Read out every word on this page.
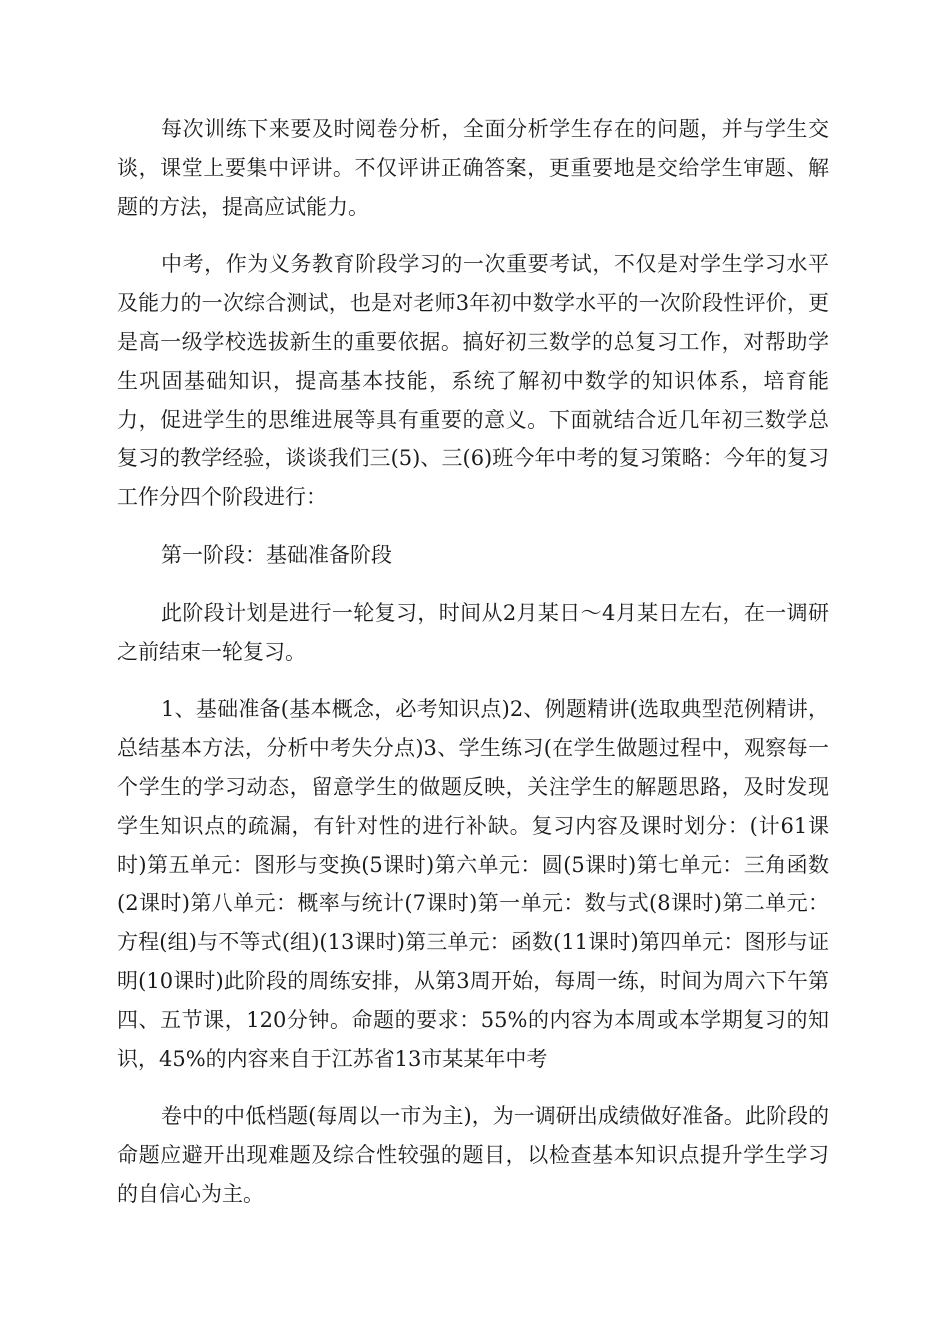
每次训练下来要及时阅卷分析，全面分析学生存在的问题，并与学生交谈，课堂上要集中评讲。不仅评讲正确答案，更重要地是交给学生审题、解题的方法，提高应试能力。

中考，作为义务教育阶段学习的一次重要考试，不仅是对学生学习水平及能力的一次综合测试，也是对老师3年初中数学水平的一次阶段性评价，更是高一级学校选拔新生的重要依据。搞好初三数学的总复习工作，对帮助学生巩固基础知识，提高基本技能，系统了解初中数学的知识体系，培育能力，促进学生的思维进展等具有重要的意义。下面就结合近几年初三数学总复习的教学经验，谈谈我们三(5)、三(6)班今年中考的复习策略：今年的复习工作分四个阶段进行：

第一阶段：基础准备阶段

此阶段计划是进行一轮复习，时间从2月某日～4月某日左右，在一调研之前结束一轮复习。

1、基础准备(基本概念，必考知识点)2、例题精讲(选取典型范例精讲，总结基本方法，分析中考失分点)3、学生练习(在学生做题过程中，观察每一个学生的学习动态，留意学生的做题反映，关注学生的解题思路，及时发现学生知识点的疏漏，有针对性的进行补缺。复习内容及课时划分：(计61课时)第五单元：图形与变换(5课时)第六单元：圆(5课时)第七单元：三角函数(2课时)第八单元：概率与统计(7课时)第一单元：数与式(8课时)第二单元：方程(组)与不等式(组)(13课时)第三单元：函数(11课时)第四单元：图形与证明(10课时)此阶段的周练安排，从第3周开始，每周一练，时间为周六下午第四、五节课，120分钟。命题的要求：55%的内容为本周或本学期复习的知识，45%的内容来自于江苏省13市某某年中考

卷中的中低档题(每周以一市为主)，为一调研出成绩做好准备。此阶段的命题应避开出现难题及综合性较强的题目，以检查基本知识点提升学生学习的自信心为主。
